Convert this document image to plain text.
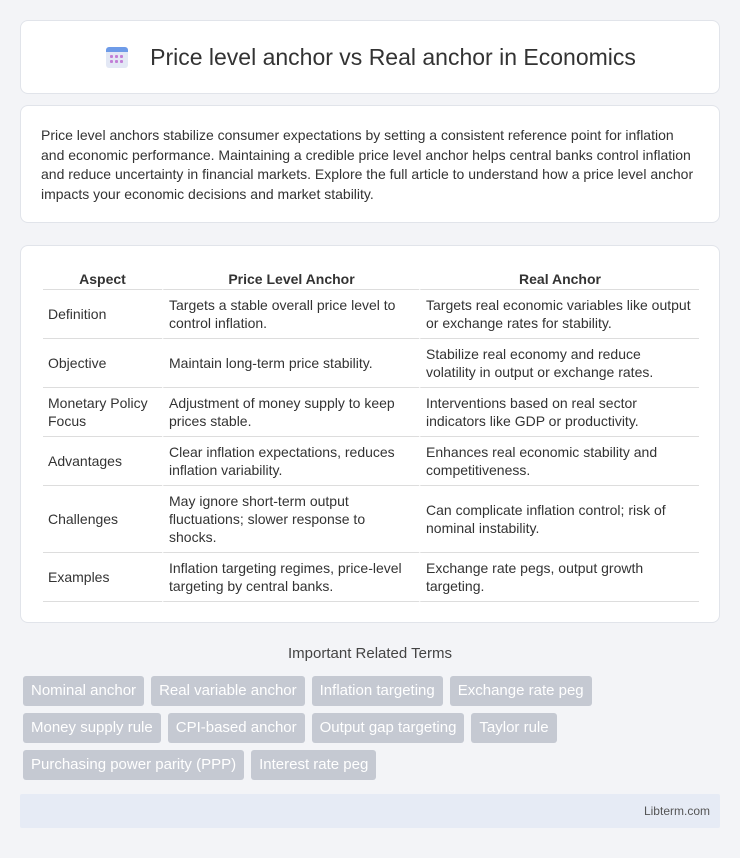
Price level anchor vs Real anchor in Economics

Price level anchors stabilize consumer expectations by setting a consistent reference point for inflation and economic performance. Maintaining a credible price level anchor helps central banks control inflation and reduce uncertainty in financial markets. Explore the full article to understand how a price level anchor impacts your economic decisions and market stability.

Aspect	Price Level Anchor	Real Anchor
Definition	Targets a stable overall price level to control inflation.	Targets real economic variables like output or exchange rates for stability.
Objective	Maintain long-term price stability.	Stabilize real economy and reduce volatility in output or exchange rates.
Monetary Policy Focus	Adjustment of money supply to keep prices stable.	Interventions based on real sector indicators like GDP or productivity.
Advantages	Clear inflation expectations, reduces inflation variability.	Enhances real economic stability and competitiveness.
Challenges	May ignore short-term output fluctuations; slower response to shocks.	Can complicate inflation control; risk of nominal instability.
Examples	Inflation targeting regimes, price-level targeting by central banks.	Exchange rate pegs, output growth targeting.
Important Related Terms
Nominal anchor	Real variable anchor	Inflation targeting	Exchange rate peg
Money supply rule	CPI-based anchor	Output gap targeting	Taylor rule
Purchasing power parity (PPP)	Interest rate peg
Libterm.com
